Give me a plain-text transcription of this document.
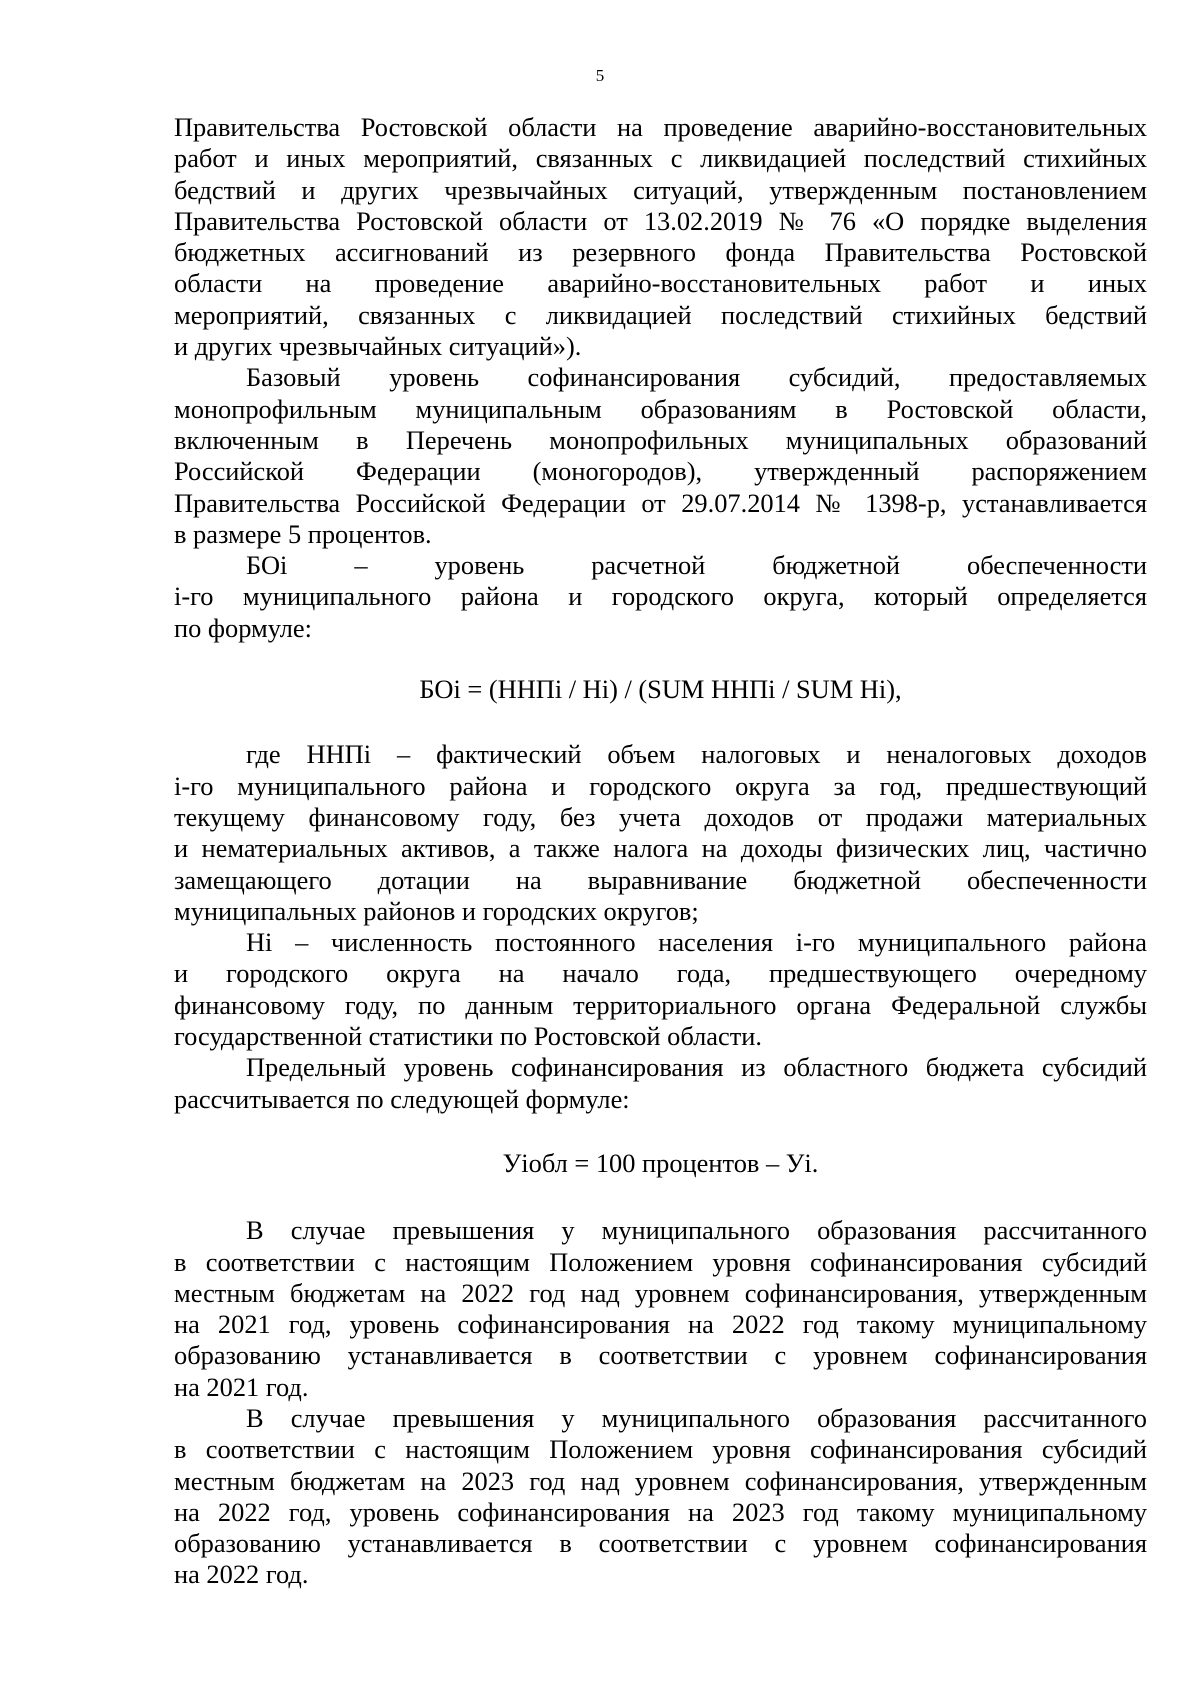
5

Правительства Ростовской области на проведение аварийно-восстановительных

работ и иных мероприятий, связанных с ликвидацией последствий стихийных

бедствий и других чрезвычайных ситуаций, утвержденным постановлением

Правительства Ростовской области от 13.02.2019 № 76 «О порядке выделения

бюджетных ассигнований из резервного фонда Правительства Ростовской

области на проведение аварийно-восстановительных работ и иных

мероприятий, связанных с ликвидацией последствий стихийных бедствий

и других чрезвычайных ситуаций»).

Базовый уровень софинансирования субсидий, предоставляемых

монопрофильным муниципальным образованиям в Ростовской области,

включенным в Перечень монопрофильных муниципальных образований

Российской Федерации (моногородов), утвержденный распоряжением

Правительства Российской Федерации от 29.07.2014 № 1398-р, устанавливается

в размере 5 процентов.

БОi – уровень расчетной бюджетной обеспеченности

i-го муниципального района и городского округа, который определяется

по формуле:

БОi = (ННПi / Нi) / (SUM ННПi / SUM Нi),

где ННПi – фактический объем налоговых и неналоговых доходов

i-го муниципального района и городского округа за год, предшествующий

текущему финансовому году, без учета доходов от продажи материальных

и нематериальных активов, а также налога на доходы физических лиц, частично

замещающего дотации на выравнивание бюджетной обеспеченности

муниципальных районов и городских округов;

Нi – численность постоянного населения i-го муниципального района

и городского округа на начало года, предшествующего очередному

финансовому году, по данным территориального органа Федеральной службы

государственной статистики по Ростовской области.

Предельный уровень софинансирования из областного бюджета субсидий

рассчитывается по следующей формуле:

Уiобл = 100 процентов – Уi.

В случае превышения у муниципального образования рассчитанного

в соответствии с настоящим Положением уровня софинансирования субсидий

местным бюджетам на 2022 год над уровнем софинансирования, утвержденным

на 2021 год, уровень софинансирования на 2022 год такому муниципальному

образованию устанавливается в соответствии с уровнем софинансирования

на 2021 год.

В случае превышения у муниципального образования рассчитанного

в соответствии с настоящим Положением уровня софинансирования субсидий

местным бюджетам на 2023 год над уровнем софинансирования, утвержденным

на 2022 год, уровень софинансирования на 2023 год такому муниципальному

образованию устанавливается в соответствии с уровнем софинансирования

на 2022 год.
